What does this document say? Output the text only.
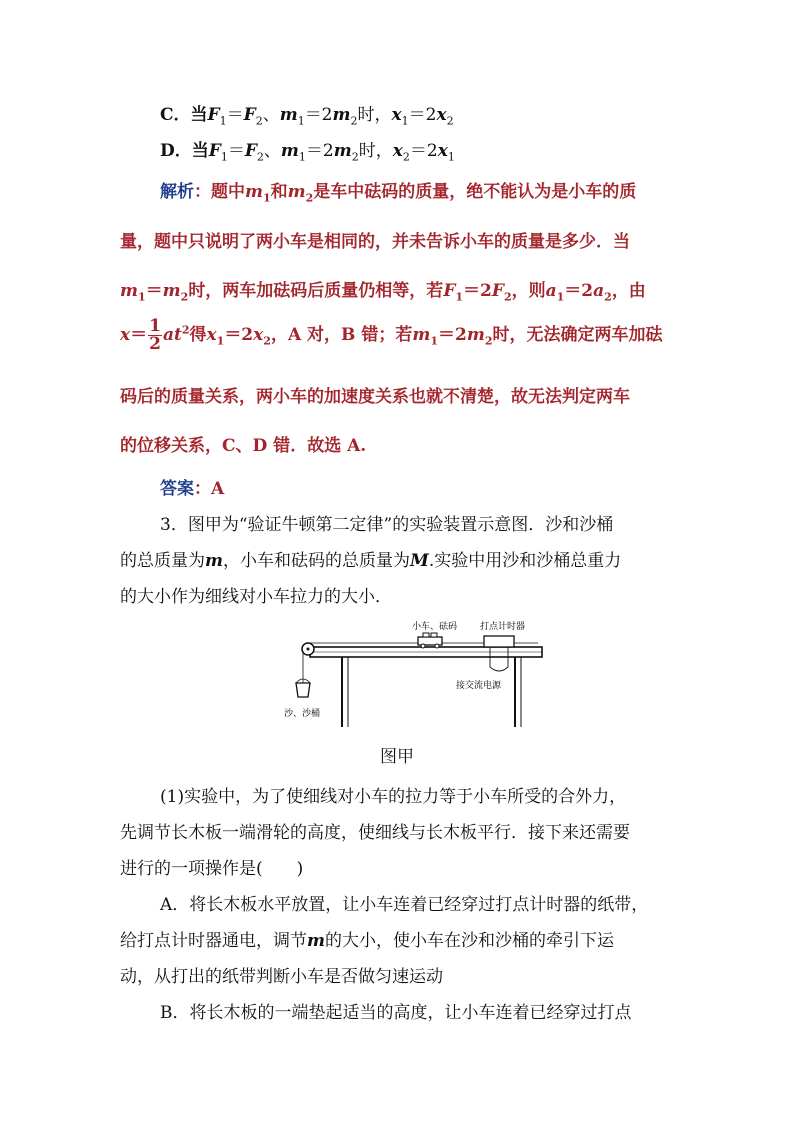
C．当$F_1=F_2$、$m_1=2m_2$时，$x_1=2x_2$
D．当$F_1=F_2$、$m_1=2m_2$时，$x_2=2x_1$
解析：题中$m_1$和$m_2$是车中砝码的质量，绝不能认为是小车的质
量，题中只说明了两小车是相同的，并未告诉小车的质量是多少．当
$m_1=m_2$时，两车加砝码后质量仍相等，若$F_1=2F_2$，则$a_1=2a_2$，由
$x= \frac{1}{2} at^2$得$x_1=2x_2$，A 对，B 错；若$m_1=2m_2$时，无法确定两车加砝
码后的质量关系，两小车的加速度关系也就不清楚，故无法判定两车
的位移关系，C、D 错．故选 A.
答案：A
3．图甲为“验证牛顿第二定律”的实验装置示意图．沙和沙桶
的总质量为m，小车和砝码的总质量为M.实验中用沙和沙桶总重力
的大小作为细线对小车拉力的大小．
小车、砝码	打点计时器
接交流电源
沙、沙桶
图甲
(1)实验中，为了使细线对小车的拉力等于小车所受的合外力，
先调节长木板一端滑轮的高度，使细线与长木板平行．接下来还需要
进行的一项操作是(　　)
A．将长木板水平放置，让小车连着已经穿过打点计时器的纸带，
给打点计时器通电，调节m的大小，使小车在沙和沙桶的牵引下运
动，从打出的纸带判断小车是否做匀速运动
B．将长木板的一端垫起适当的高度，让小车连着已经穿过打点
